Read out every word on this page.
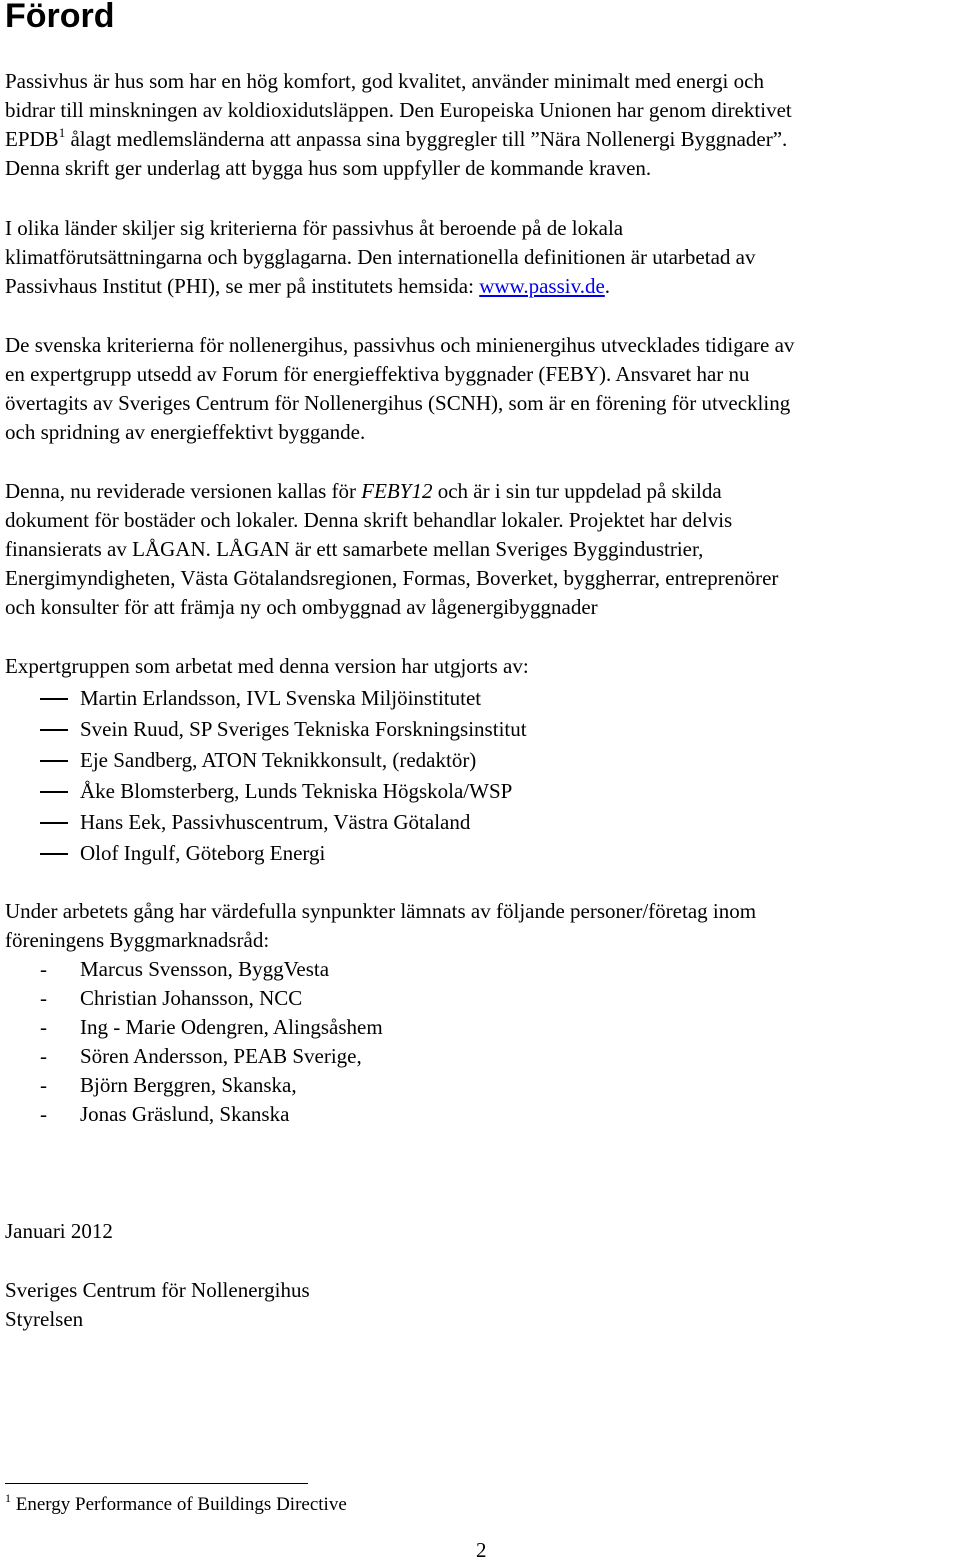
Förord

Passivhus är hus som har en hög komfort, god kvalitet, använder minimalt med energi och
bidrar till minskningen av koldioxidutsläppen. Den Europeiska Unionen har genom direktivet
EPDB$^1$ ålagt medlemsländerna att anpassa sina byggregler till ”Nära Nollenergi Byggnader”.
Denna skrift ger underlag att bygga hus som uppfyller de kommande kraven.

I olika länder skiljer sig kriterierna för passivhus åt beroende på de lokala
klimatförutsättningarna och bygglagarna. Den internationella definitionen är utarbetad av
Passivhaus Institut (PHI), se mer på institutets hemsida: www.passiv.de.

De svenska kriterierna för nollenergihus, passivhus och minienergihus utvecklades tidigare av
en expertgrupp utsedd av Forum för energieffektiva byggnader (FEBY). Ansvaret har nu
övertagits av Sveriges Centrum för Nollenergihus (SCNH), som är en förening för utveckling
och spridning av energieffektivt byggande.

Denna, nu reviderade versionen kallas för FEBY12 och är i sin tur uppdelad på skilda
dokument för bostäder och lokaler. Denna skrift behandlar lokaler. Projektet har delvis
finansierats av LÅGAN. LÅGAN är ett samarbete mellan Sveriges Byggindustrier,
Energimyndigheten, Västa Götalandsregionen, Formas, Boverket, byggherrar, entreprenörer
och konsulter för att främja ny och ombyggnad av lågenergibyggnader

Expertgruppen som arbetat med denna version har utgjorts av:

Martin Erlandsson, IVL Svenska Miljöinstitutet
Svein Ruud, SP Sveriges Tekniska Forskningsinstitut
Eje Sandberg, ATON Teknikkonsult, (redaktör)
Åke Blomsterberg, Lunds Tekniska Högskola/WSP
Hans Eek, Passivhuscentrum, Västra Götaland
Olof Ingulf, Göteborg Energi

Under arbetets gång har värdefulla synpunkter lämnats av följande personer/företag inom
föreningens Byggmarknadsråd:

- Marcus Svensson, ByggVesta
- Christian Johansson, NCC
- Ing - Marie Odengren, Alingsåshem
- Sören Andersson, PEAB Sverige,
- Björn Berggren, Skanska,
- Jonas Gräslund, Skanska

Januari 2012

Sveriges Centrum för Nollenergihus
Styrelsen

$^1$ Energy Performance of Buildings Directive
2
